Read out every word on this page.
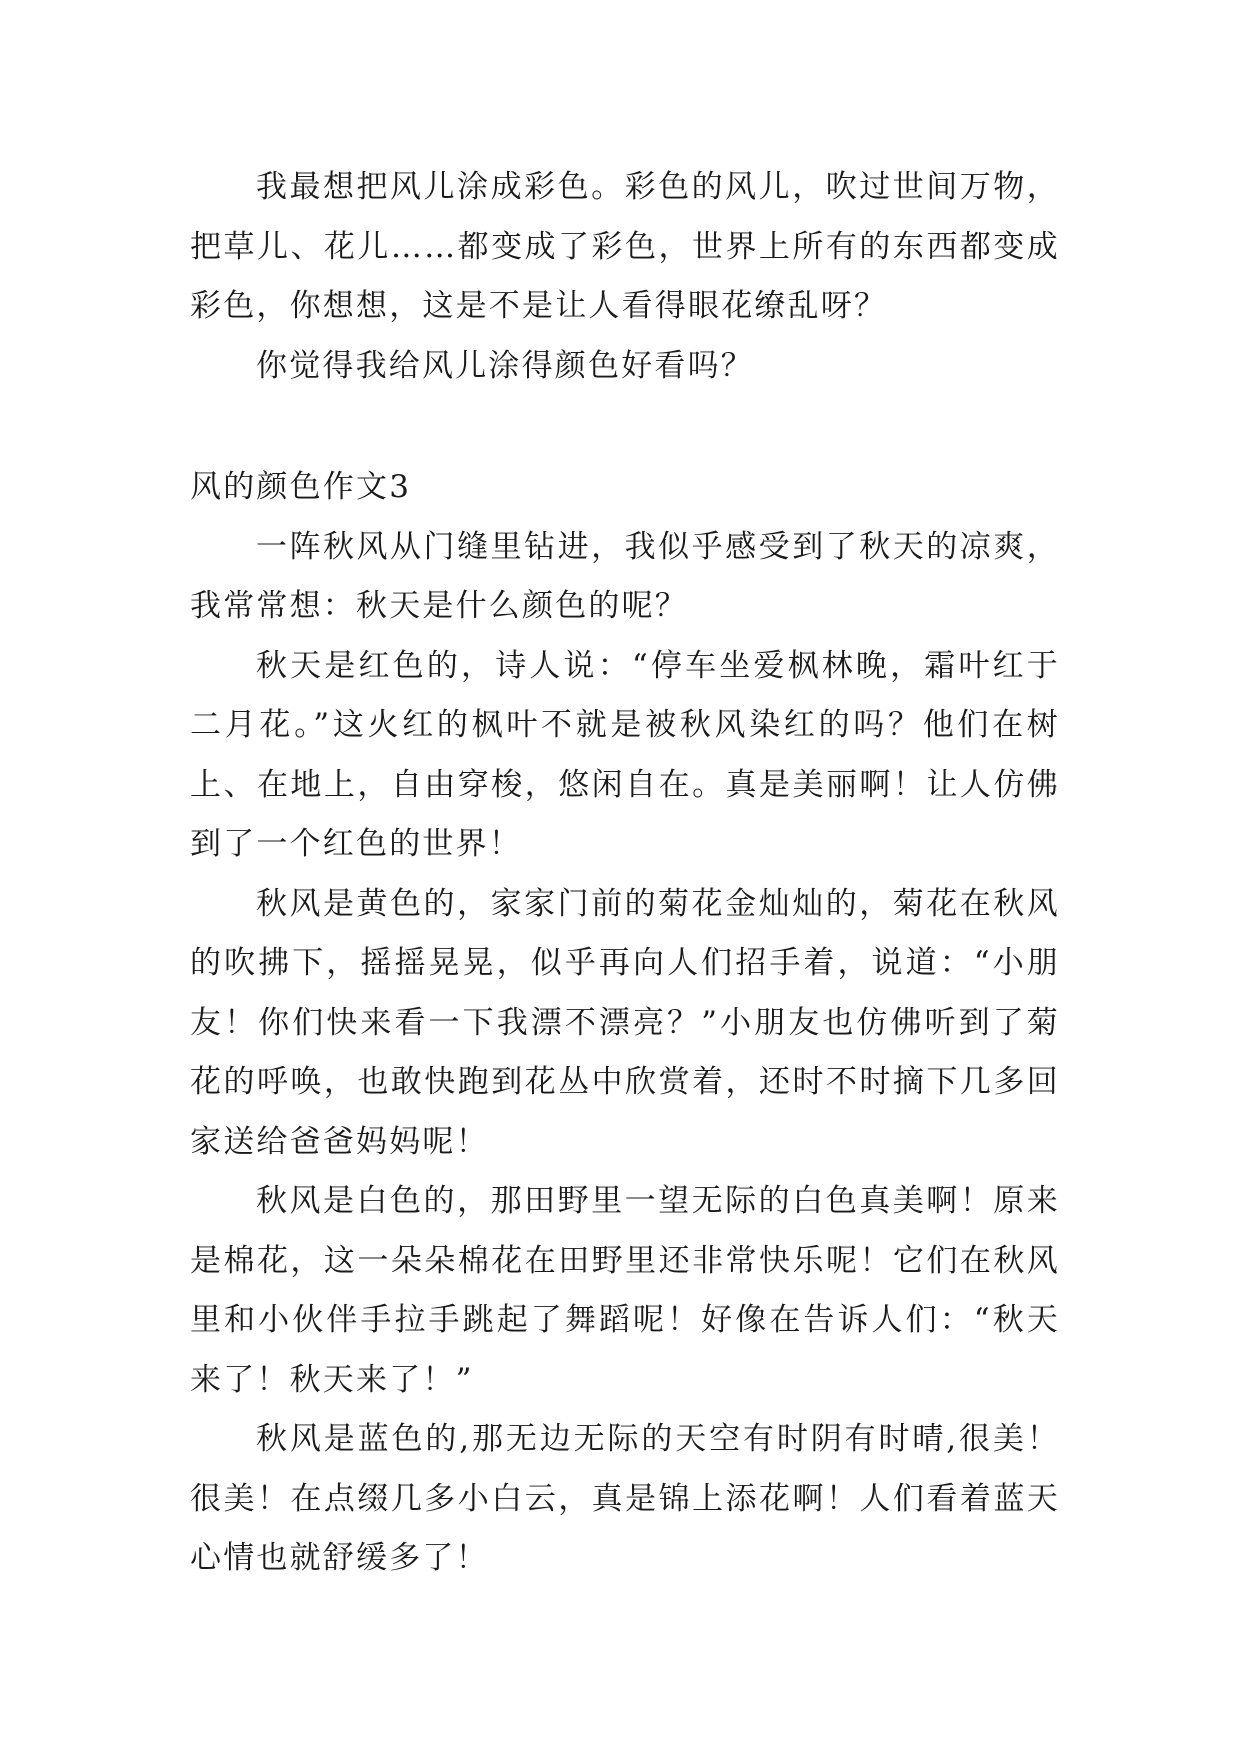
我最想把风儿涂成彩色。彩色的风儿，吹过世间万物，把草儿、花儿……都变成了彩色，世界上所有的东西都变成彩色，你想想，这是不是让人看得眼花缭乱呀？

你觉得我给风儿涂得颜色好看吗？

风的颜色作文3

一阵秋风从门缝里钻进，我似乎感受到了秋天的凉爽，我常常想：秋天是什么颜色的呢？

秋天是红色的，诗人说：“停车坐爱枫林晚，霜叶红于二月花。”这火红的枫叶不就是被秋风染红的吗？他们在树上、在地上，自由穿梭，悠闲自在。真是美丽啊！让人仿佛到了一个红色的世界！

秋风是黄色的，家家门前的菊花金灿灿的，菊花在秋风的吹拂下，摇摇晃晃，似乎再向人们招手着，说道：“小朋友！你们快来看一下我漂不漂亮？”小朋友也仿佛听到了菊花的呼唤，也敢快跑到花丛中欣赏着，还时不时摘下几多回家送给爸爸妈妈呢！

秋风是白色的，那田野里一望无际的白色真美啊！原来是棉花，这一朵朵棉花在田野里还非常快乐呢！它们在秋风里和小伙伴手拉手跳起了舞蹈呢！好像在告诉人们：“秋天来了！秋天来了！”

秋风是蓝色的,那无边无际的天空有时阴有时晴,很美！很美！在点缀几多小白云，真是锦上添花啊！人们看着蓝天心情也就舒缓多了！
